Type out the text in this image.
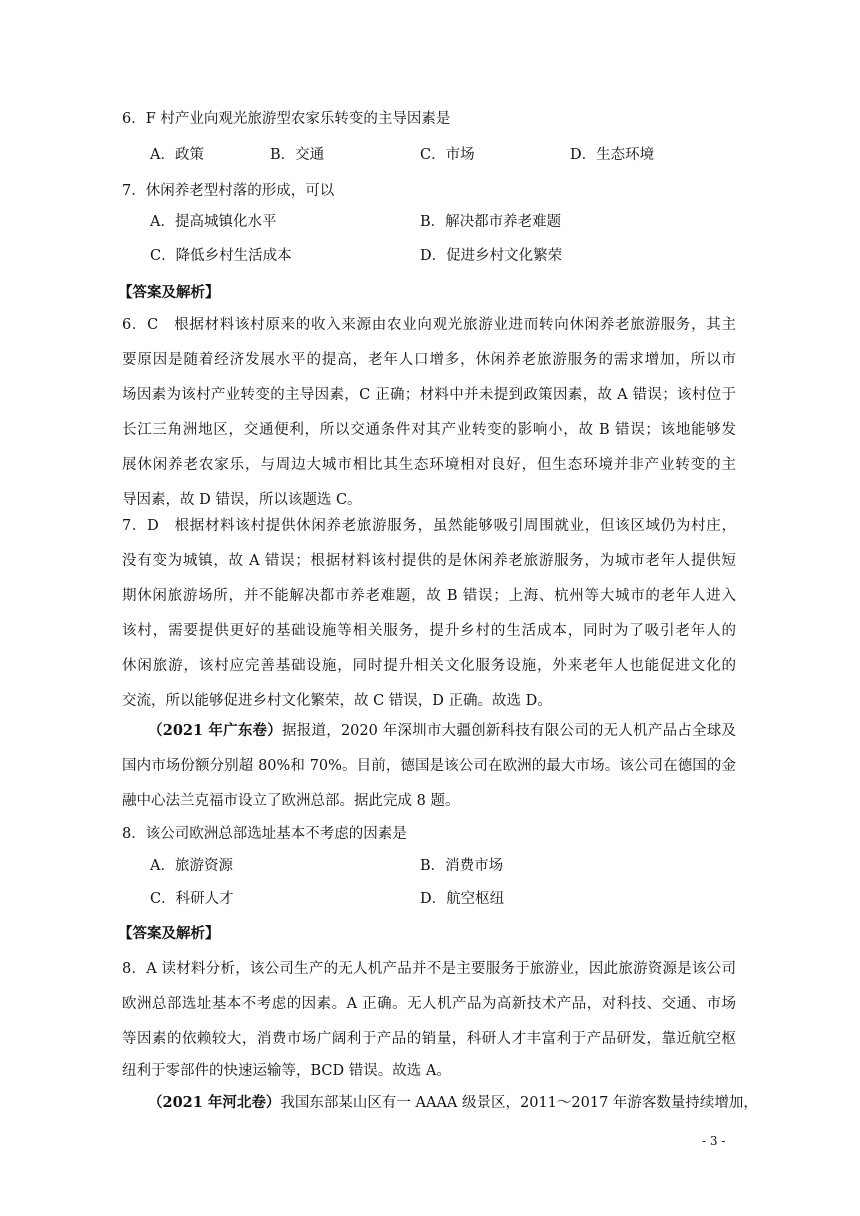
6．F 村产业向观光旅游型农家乐转变的主导因素是
A．政策	B．交通	C．市场	D．生态环境
7．休闲养老型村落的形成，可以
A．提高城镇化水平	B．解决都市养老难题
C．降低乡村生活成本	D．促进乡村文化繁荣
【答案及解析】
6．C　根据材料该村原来的收入来源由农业向观光旅游业进而转向休闲养老旅游服务，其主
要原因是随着经济发展水平的提高，老年人口增多，休闲养老旅游服务的需求增加，所以市
场因素为该村产业转变的主导因素，C 正确；材料中并未提到政策因素，故 A 错误；该村位于
长江三角洲地区，交通便利，所以交通条件对其产业转变的影响小，故 B 错误；该地能够发
展休闲养老农家乐，与周边大城市相比其生态环境相对良好，但生态环境并非产业转变的主
导因素，故 D 错误，所以该题选 C。
7．D　根据材料该村提供休闲养老旅游服务，虽然能够吸引周围就业，但该区域仍为村庄，
没有变为城镇，故 A 错误；根据材料该村提供的是休闲养老旅游服务，为城市老年人提供短
期休闲旅游场所，并不能解决都市养老难题，故 B 错误；上海、杭州等大城市的老年人进入
该村，需要提供更好的基础设施等相关服务，提升乡村的生活成本，同时为了吸引老年人的
休闲旅游，该村应完善基础设施，同时提升相关文化服务设施，外来老年人也能促进文化的
交流，所以能够促进乡村文化繁荣，故 C 错误，D 正确。故选 D。
（2021 年广东卷）据报道，2020 年深圳市大疆创新科技有限公司的无人机产品占全球及
国内市场份额分别超 80%和 70%。目前，德国是该公司在欧洲的最大市场。该公司在德国的金
融中心法兰克福市设立了欧洲总部。据此完成 8 题。
8．该公司欧洲总部选址基本不考虑的因素是
A．旅游资源	B．消费市场
C．科研人才	D．航空枢纽
【答案及解析】
8．A 读材料分析，该公司生产的无人机产品并不是主要服务于旅游业，因此旅游资源是该公司
欧洲总部选址基本不考虑的因素。A 正确。无人机产品为高新技术产品，对科技、交通、市场
等因素的依赖较大，消费市场广阔利于产品的销量，科研人才丰富利于产品研发，靠近航空枢
纽利于零部件的快速运输等，BCD 错误。故选 A。
（2021 年河北卷）我国东部某山区有一 AAAA 级景区，2011～2017 年游客数量持续增加，
- 3 -
